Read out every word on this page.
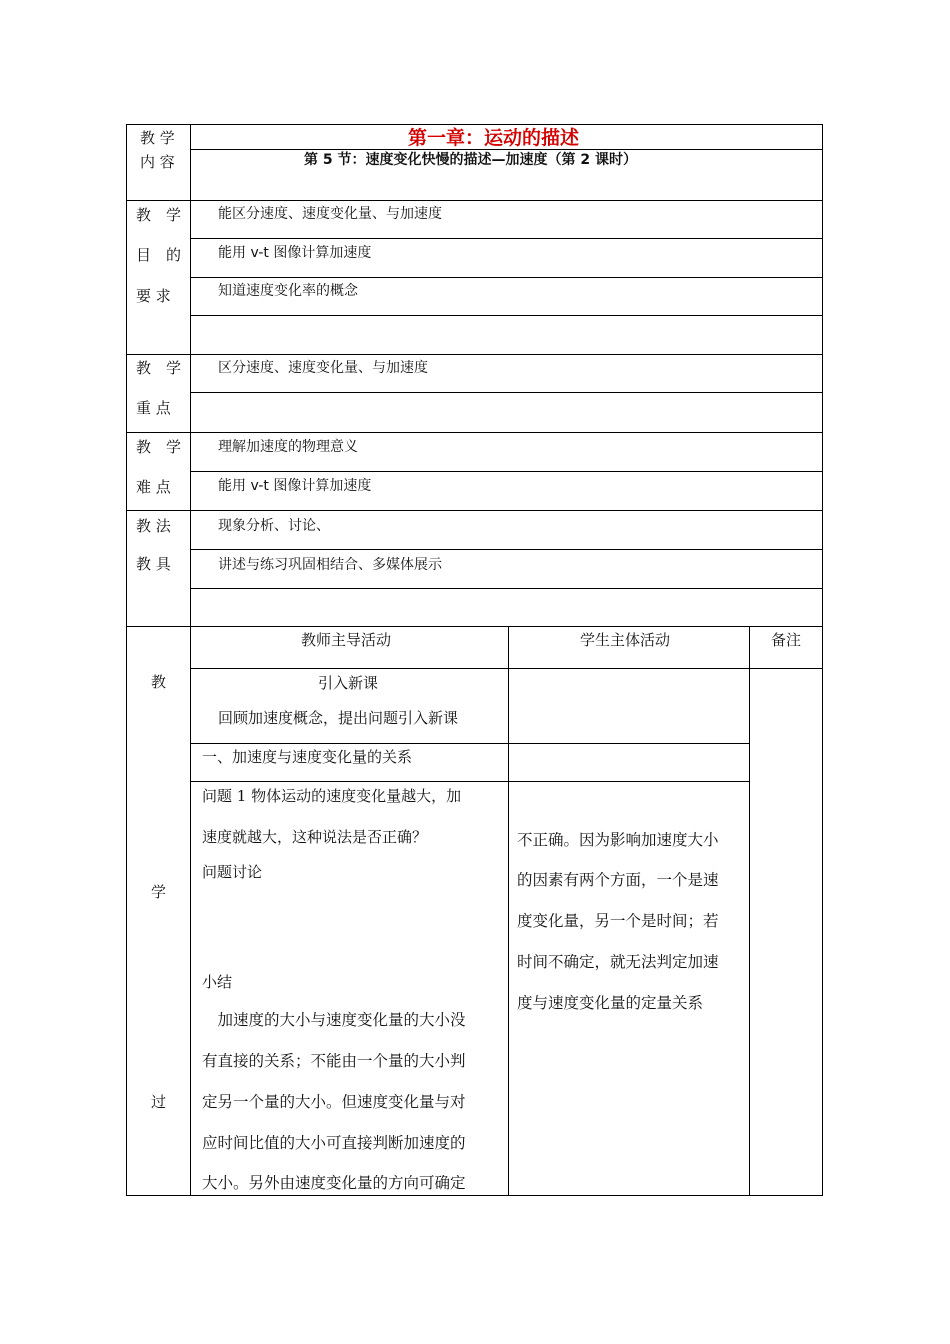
教 学
内 容
第一章：运动的描述
第 5 节：速度变化快慢的描述—加速度（第 2 课时）
教　学
目　的
要 求
能区分速度、速度变化量、与加速度
能用 v-t 图像计算加速度
知道速度变化率的概念
教　学
重 点
区分速度、速度变化量、与加速度
教　学
难 点
理解加速度的物理意义
能用 v-t 图像计算加速度
教 法
教 具
现象分析、讨论、
讲述与练习巩固相结合、多媒体展示
教
学
过
教师主导活动	学生主体活动	备注
引入新课
回顾加速度概念，提出问题引入新课
一、加速度与速度变化量的关系
问题 1 物体运动的速度变化量越大，加
速度就越大，这种说法是否正确？
问题讨论
小结
　加速度的大小与速度变化量的大小没
有直接的关系；不能由一个量的大小判
定另一个量的大小。但速度变化量与对
应时间比值的大小可直接判断加速度的
大小。另外由速度变化量的方向可确定
不正确。因为影响加速度大小
的因素有两个方面，一个是速
度变化量，另一个是时间；若
时间不确定，就无法判定加速
度与速度变化量的定量关系
